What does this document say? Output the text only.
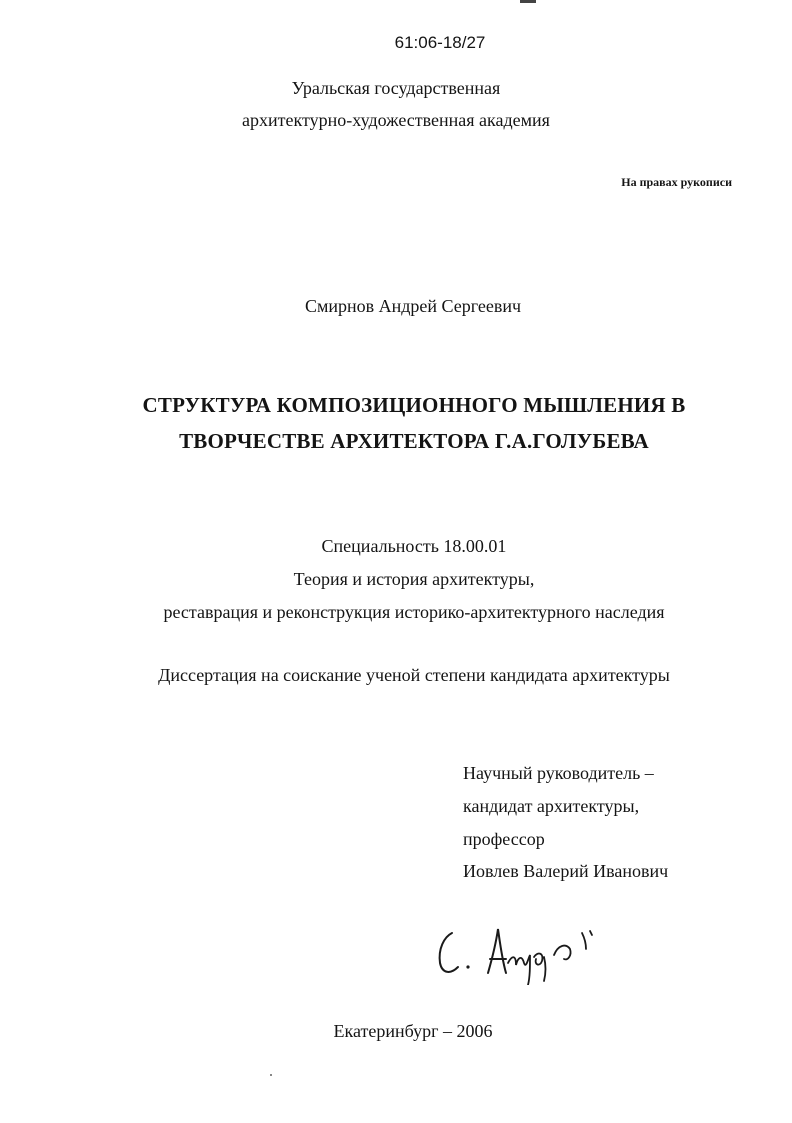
61:06-18/27
Уральская государственная
архитектурно-художественная академия
На правах рукописи
Смирнов Андрей Сергеевич
СТРУКТУРА КОМПОЗИЦИОННОГО МЫШЛЕНИЯ В
ТВОРЧЕСТВЕ АРХИТЕКТОРА Г.А.ГОЛУБЕВА
Специальность 18.00.01
Теория и история архитектуры,
реставрация и реконструкция историко-архитектурного наследия
Диссертация на соискание ученой степени кандидата архитектуры
Научный руководитель –
кандидат архитектуры,
профессор
Иовлев Валерий Иванович
Екатеринбург – 2006
